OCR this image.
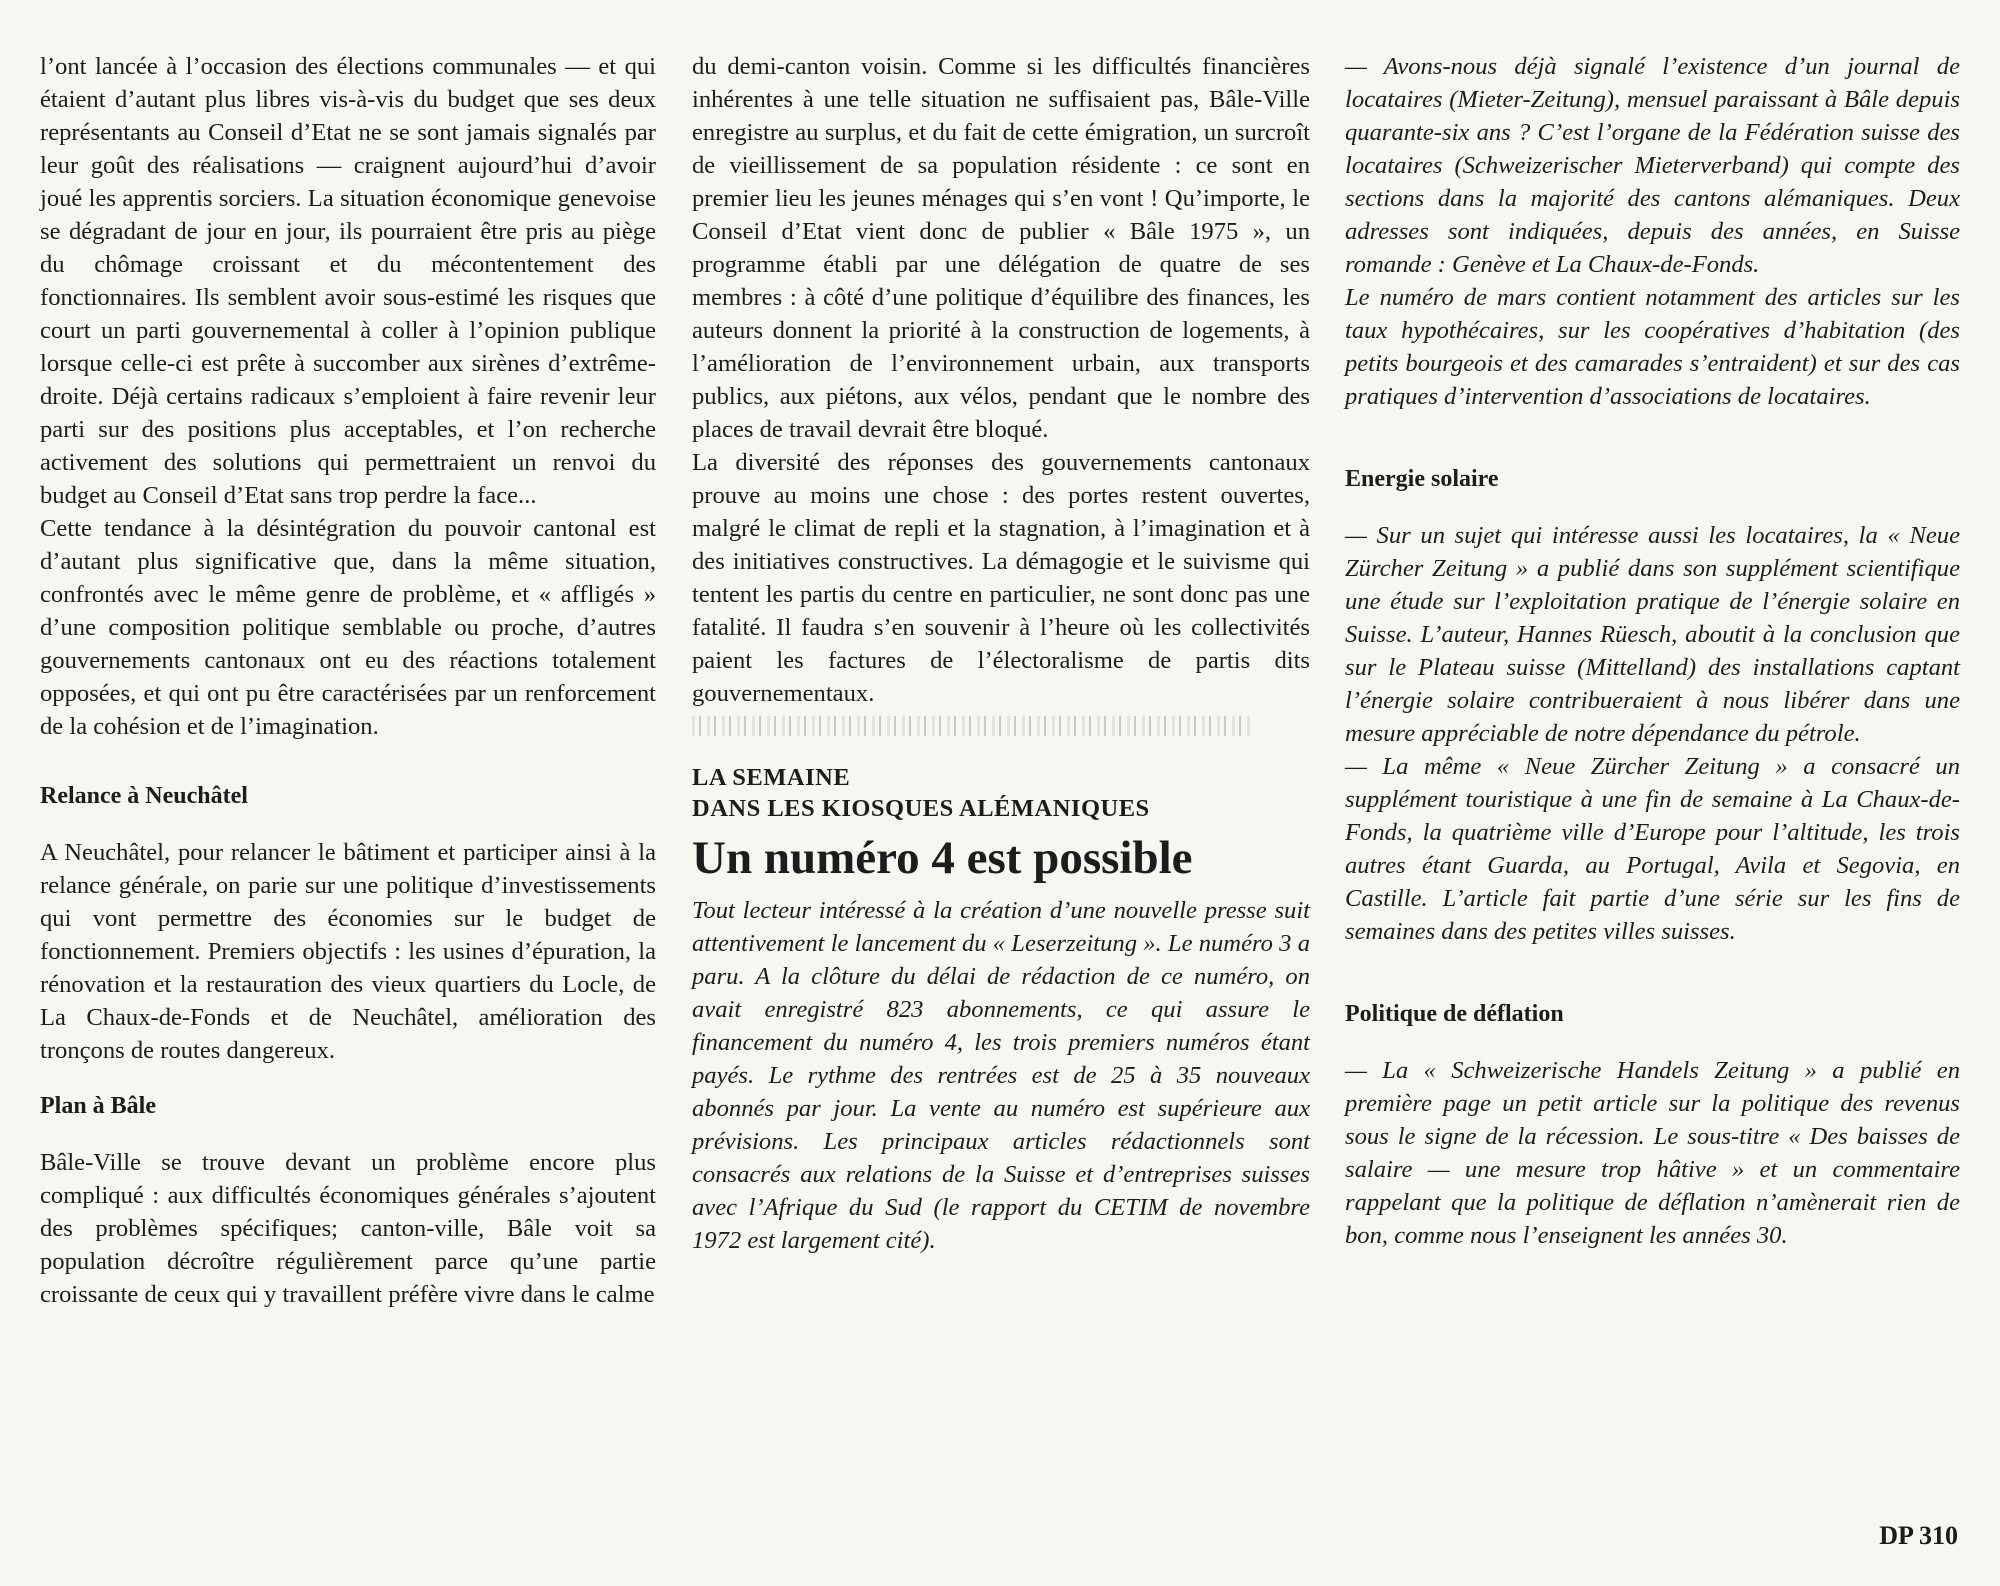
l’ont lancée à l’occasion des élections communales — et qui étaient d’autant plus libres vis-à-vis du budget que ses deux représentants au Conseil d’Etat ne se sont jamais signalés par leur goût des réalisations — craignent aujourd’hui d’avoir joué les apprentis sorciers. La situation économique genevoise se dégradant de jour en jour, ils pourraient être pris au piège du chômage croissant et du mécontentement des fonctionnaires. Ils semblent avoir sous-estimé les risques que court un parti gouvernemental à coller à l’opinion publique lorsque celle-ci est prête à succomber aux sirènes d’extrême-droite. Déjà certains radicaux s’emploient à faire revenir leur parti sur des positions plus acceptables, et l’on recherche activement des solutions qui permettraient un renvoi du budget au Conseil d’Etat sans trop perdre la face...

Cette tendance à la désintégration du pouvoir cantonal est d’autant plus significative que, dans la même situation, confrontés avec le même genre de problème, et « affligés » d’une composition politique semblable ou proche, d’autres gouvernements cantonaux ont eu des réactions totalement opposées, et qui ont pu être caractérisées par un renforcement de la cohésion et de l’imagination.

Relance à Neuchâtel

A Neuchâtel, pour relancer le bâtiment et participer ainsi à la relance générale, on parie sur une politique d’investissements qui vont permettre des économies sur le budget de fonctionnement. Premiers objectifs : les usines d’épuration, la rénovation et la restauration des vieux quartiers du Locle, de La Chaux-de-Fonds et de Neuchâtel, amélioration des tronçons de routes dangereux.

Plan à Bâle

Bâle-Ville se trouve devant un problème encore plus compliqué : aux difficultés économiques générales s’ajoutent des problèmes spécifiques; canton-ville, Bâle voit sa population décroître régulièrement parce qu’une partie croissante de ceux qui y travaillent préfère vivre dans le calme

du demi-canton voisin. Comme si les difficultés financières inhérentes à une telle situation ne suffisaient pas, Bâle-Ville enregistre au surplus, et du fait de cette émigration, un surcroît de vieillissement de sa population résidente : ce sont en premier lieu les jeunes ménages qui s’en vont ! Qu’importe, le Conseil d’Etat vient donc de publier « Bâle 1975 », un programme établi par une délégation de quatre de ses membres : à côté d’une politique d’équilibre des finances, les auteurs donnent la priorité à la construction de logements, à l’amélioration de l’environnement urbain, aux transports publics, aux piétons, aux vélos, pendant que le nombre des places de travail devrait être bloqué.

La diversité des réponses des gouvernements cantonaux prouve au moins une chose : des portes restent ouvertes, malgré le climat de repli et la stagnation, à l’imagination et à des initiatives constructives. La démagogie et le suivisme qui tentent les partis du centre en particulier, ne sont donc pas une fatalité. Il faudra s’en souvenir à l’heure où les collectivités paient les factures de l’électoralisme de partis dits gouvernementaux.

LA SEMAINE

DANS LES KIOSQUES ALÉMANIQUES

Un numéro 4 est possible

Tout lecteur intéressé à la création d’une nouvelle presse suit attentivement le lancement du « Leserzeitung ». Le numéro 3 a paru. A la clôture du délai de rédaction de ce numéro, on avait enregistré 823 abonnements, ce qui assure le financement du numéro 4, les trois premiers numéros étant payés. Le rythme des rentrées est de 25 à 35 nouveaux abonnés par jour. La vente au numéro est supérieure aux prévisions. Les principaux articles rédactionnels sont consacrés aux relations de la Suisse et d’entreprises suisses avec l’Afrique du Sud (le rapport du CETIM de novembre 1972 est largement cité).

— Avons-nous déjà signalé l’existence d’un journal de locataires (Mieter-Zeitung), mensuel paraissant à Bâle depuis quarante-six ans ? C’est l’organe de la Fédération suisse des locataires (Schweizerischer Mieterverband) qui compte des sections dans la majorité des cantons alémaniques. Deux adresses sont indiquées, depuis des années, en Suisse romande : Genève et La Chaux-de-Fonds.

Le numéro de mars contient notamment des articles sur les taux hypothécaires, sur les coopératives d’habitation (des petits bourgeois et des camarades s’entraident) et sur des cas pratiques d’intervention d’associations de locataires.

Energie solaire

— Sur un sujet qui intéresse aussi les locataires, la « Neue Zürcher Zeitung » a publié dans son supplément scientifique une étude sur l’exploitation pratique de l’énergie solaire en Suisse. L’auteur, Hannes Rüesch, aboutit à la conclusion que sur le Plateau suisse (Mittelland) des installations captant l’énergie solaire contribueraient à nous libérer dans une mesure appréciable de notre dépendance du pétrole.

— La même « Neue Zürcher Zeitung » a consacré un supplément touristique à une fin de semaine à La Chaux-de-Fonds, la quatrième ville d’Europe pour l’altitude, les trois autres étant Guarda, au Portugal, Avila et Segovia, en Castille. L’article fait partie d’une série sur les fins de semaines dans des petites villes suisses.

Politique de déflation

— La « Schweizerische Handels Zeitung » a publié en première page un petit article sur la politique des revenus sous le signe de la récession. Le sous-titre « Des baisses de salaire — une mesure trop hâtive » et un commentaire rappelant que la politique de déflation n’amènerait rien de bon, comme nous l’enseignent les années 30.

DP 310
